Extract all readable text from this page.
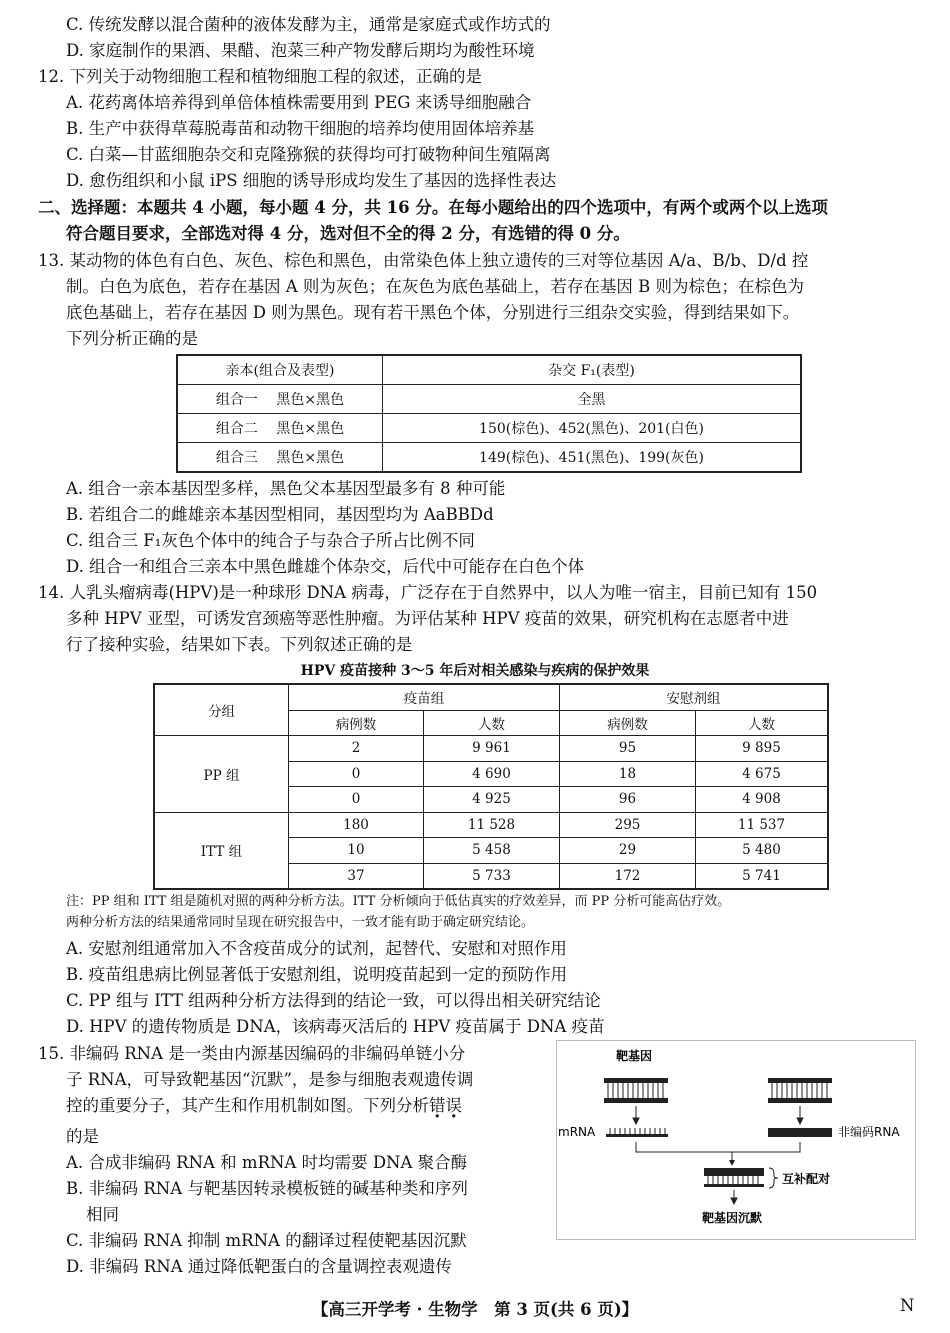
C. 传统发酵以混合菌种的液体发酵为主，通常是家庭式或作坊式的
D. 家庭制作的果酒、果醋、泡菜三种产物发酵后期均为酸性环境
12. 下列关于动物细胞工程和植物细胞工程的叙述，正确的是
A. 花药离体培养得到单倍体植株需要用到 PEG 来诱导细胞融合
B. 生产中获得草莓脱毒苗和动物干细胞的培养均使用固体培养基
C. 白菜—甘蓝细胞杂交和克隆猕猴的获得均可打破物种间生殖隔离
D. 愈伤组织和小鼠 iPS 细胞的诱导形成均发生了基因的选择性表达
二、选择题：本题共 4 小题，每小题 4 分，共 16 分。在每小题给出的四个选项中，有两个或两个以上选项
符合题目要求，全部选对得 4 分，选对但不全的得 2 分，有选错的得 0 分。
13. 某动物的体色有白色、灰色、棕色和黑色，由常染色体上独立遗传的三对等位基因 A/a、B/b、D/d 控
制。白色为底色，若存在基因 A 则为灰色；在灰色为底色基础上，若存在基因 B 则为棕色；在棕色为
底色基础上，若存在基因 D 则为黑色。现有若干黑色个体，分别进行三组杂交实验，得到结果如下。
下列分析正确的是
亲本(组合及表型)	杂交 F₁(表型)
组合一　 黑色×黑色	全黑
组合二　 黑色×黑色	150(棕色)、452(黑色)、201(白色)
组合三　 黑色×黑色	149(棕色)、451(黑色)、199(灰色)
A. 组合一亲本基因型多样，黑色父本基因型最多有 8 种可能
B. 若组合二的雌雄亲本基因型相同，基因型均为 AaBBDd
C. 组合三 F₁灰色个体中的纯合子与杂合子所占比例不同
D. 组合一和组合三亲本中黑色雌雄个体杂交，后代中可能存在白色个体
14. 人乳头瘤病毒(HPV)是一种球形 DNA 病毒，广泛存在于自然界中，以人为唯一宿主，目前已知有 150
多种 HPV 亚型，可诱发宫颈癌等恶性肿瘤。为评估某种 HPV 疫苗的效果，研究机构在志愿者中进
行了接种实验，结果如下表。下列叙述正确的是
HPV 疫苗接种 3～5 年后对相关感染与疾病的保护效果
分组	疫苗组		安慰剂组	
	病例数	人数	病例数	人数
PP 组	2	9 961	95	9 895
	0	4 690	18	4 675
	0	4 925	96	4 908
ITT 组	180	11 528	295	11 537
	10	5 458	29	5 480
	37	5 733	172	5 741
注：PP 组和 ITT 组是随机对照的两种分析方法。ITT 分析倾向于低估真实的疗效差异，而 PP 分析可能高估疗效。
两种分析方法的结果通常同时呈现在研究报告中，一致才能有助于确定研究结论。
A. 安慰剂组通常加入不含疫苗成分的试剂，起替代、安慰和对照作用
B. 疫苗组患病比例显著低于安慰剂组，说明疫苗起到一定的预防作用
C. PP 组与 ITT 组两种分析方法得到的结论一致，可以得出相关研究结论
D. HPV 的遗传物质是 DNA，该病毒灭活后的 HPV 疫苗属于 DNA 疫苗
15. 非编码 RNA 是一类由内源基因编码的非编码单链小分
子 RNA，可导致靶基因“沉默”，是参与细胞表观遗传调
控的重要分子，其产生和作用机制如图。下列分析错误
的是
A. 合成非编码 RNA 和 mRNA 时均需要 DNA 聚合酶
B. 非编码 RNA 与靶基因转录模板链的碱基种类和序列
相同
C. 非编码 RNA 抑制 mRNA 的翻译过程使靶基因沉默
D. 非编码 RNA 通过降低靶蛋白的含量调控表观遗传
靶基因
mRNA	非编码RNA
互补配对
靶基因沉默
【高三开学考 · 生物学　第 3 页(共 6 页)】	N
